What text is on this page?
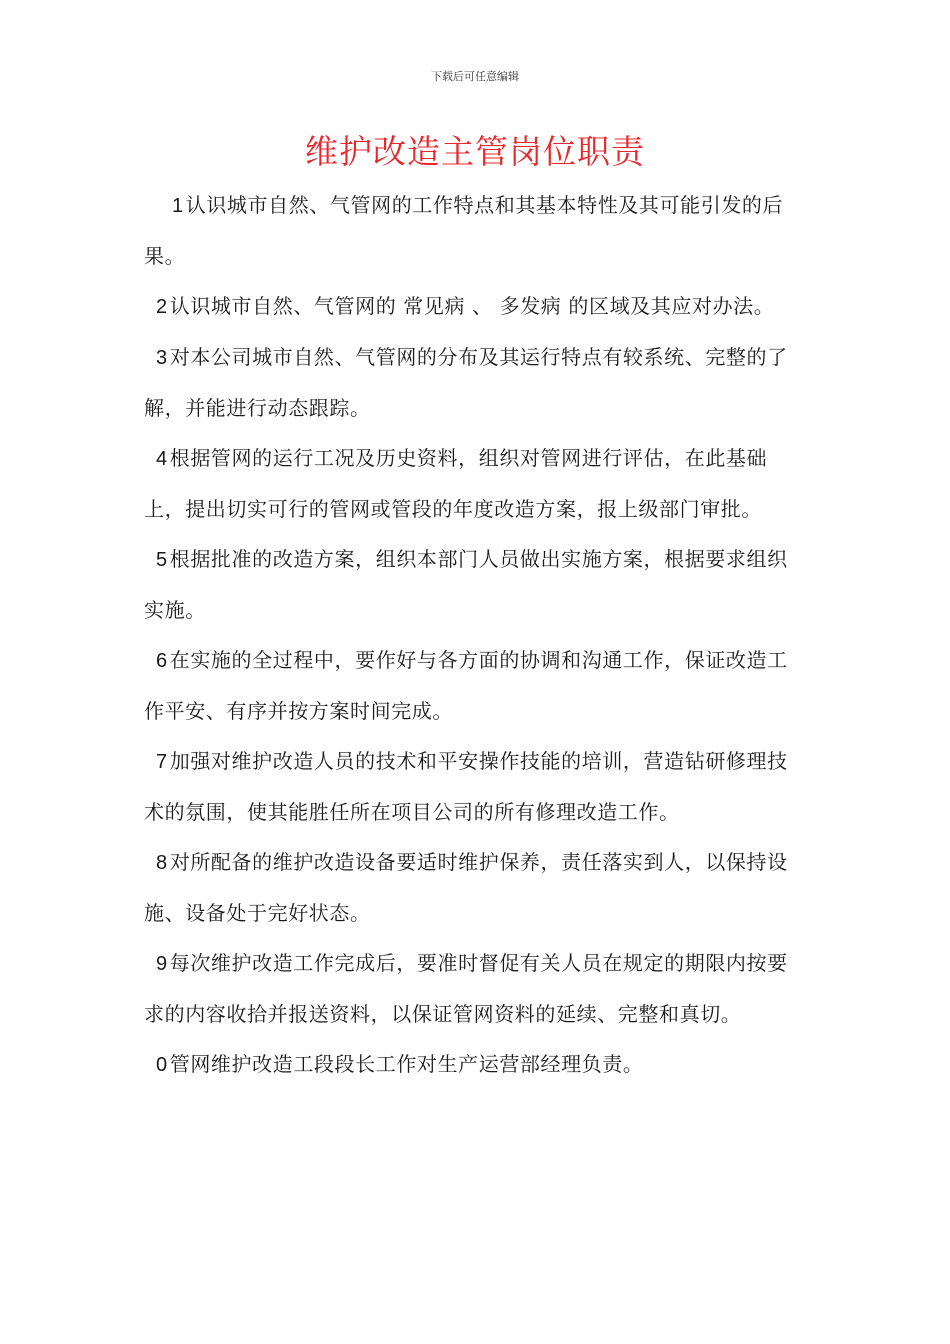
下载后可任意编辑
维护改造主管岗位职责

1 认识城市自然、气管网的工作特点和其基本特性及其可能引发的后果。

2 认识城市自然、气管网的 常见病 、 多发病 的区域及其应对办法。

3 对本公司城市自然、气管网的分布及其运行特点有较系统、完整的了解，并能进行动态跟踪。

4 根据管网的运行工况及历史资料，组织对管网进行评估，在此基础上，提出切实可行的管网或管段的年度改造方案，报上级部门审批。

5 根据批准的改造方案，组织本部门人员做出实施方案，根据要求组织实施。

6 在实施的全过程中，要作好与各方面的协调和沟通工作，保证改造工作平安、有序并按方案时间完成。

7 加强对维护改造人员的技术和平安操作技能的培训，营造钻研修理技术的氛围，使其能胜任所在项目公司的所有修理改造工作。

8 对所配备的维护改造设备要适时维护保养，责任落实到人，以保持设施、设备处于完好状态。

9 每次维护改造工作完成后，要准时督促有关人员在规定的期限内按要求的内容收拾并报送资料，以保证管网资料的延续、完整和真切。

0 管网维护改造工段段长工作对生产运营部经理负责。
